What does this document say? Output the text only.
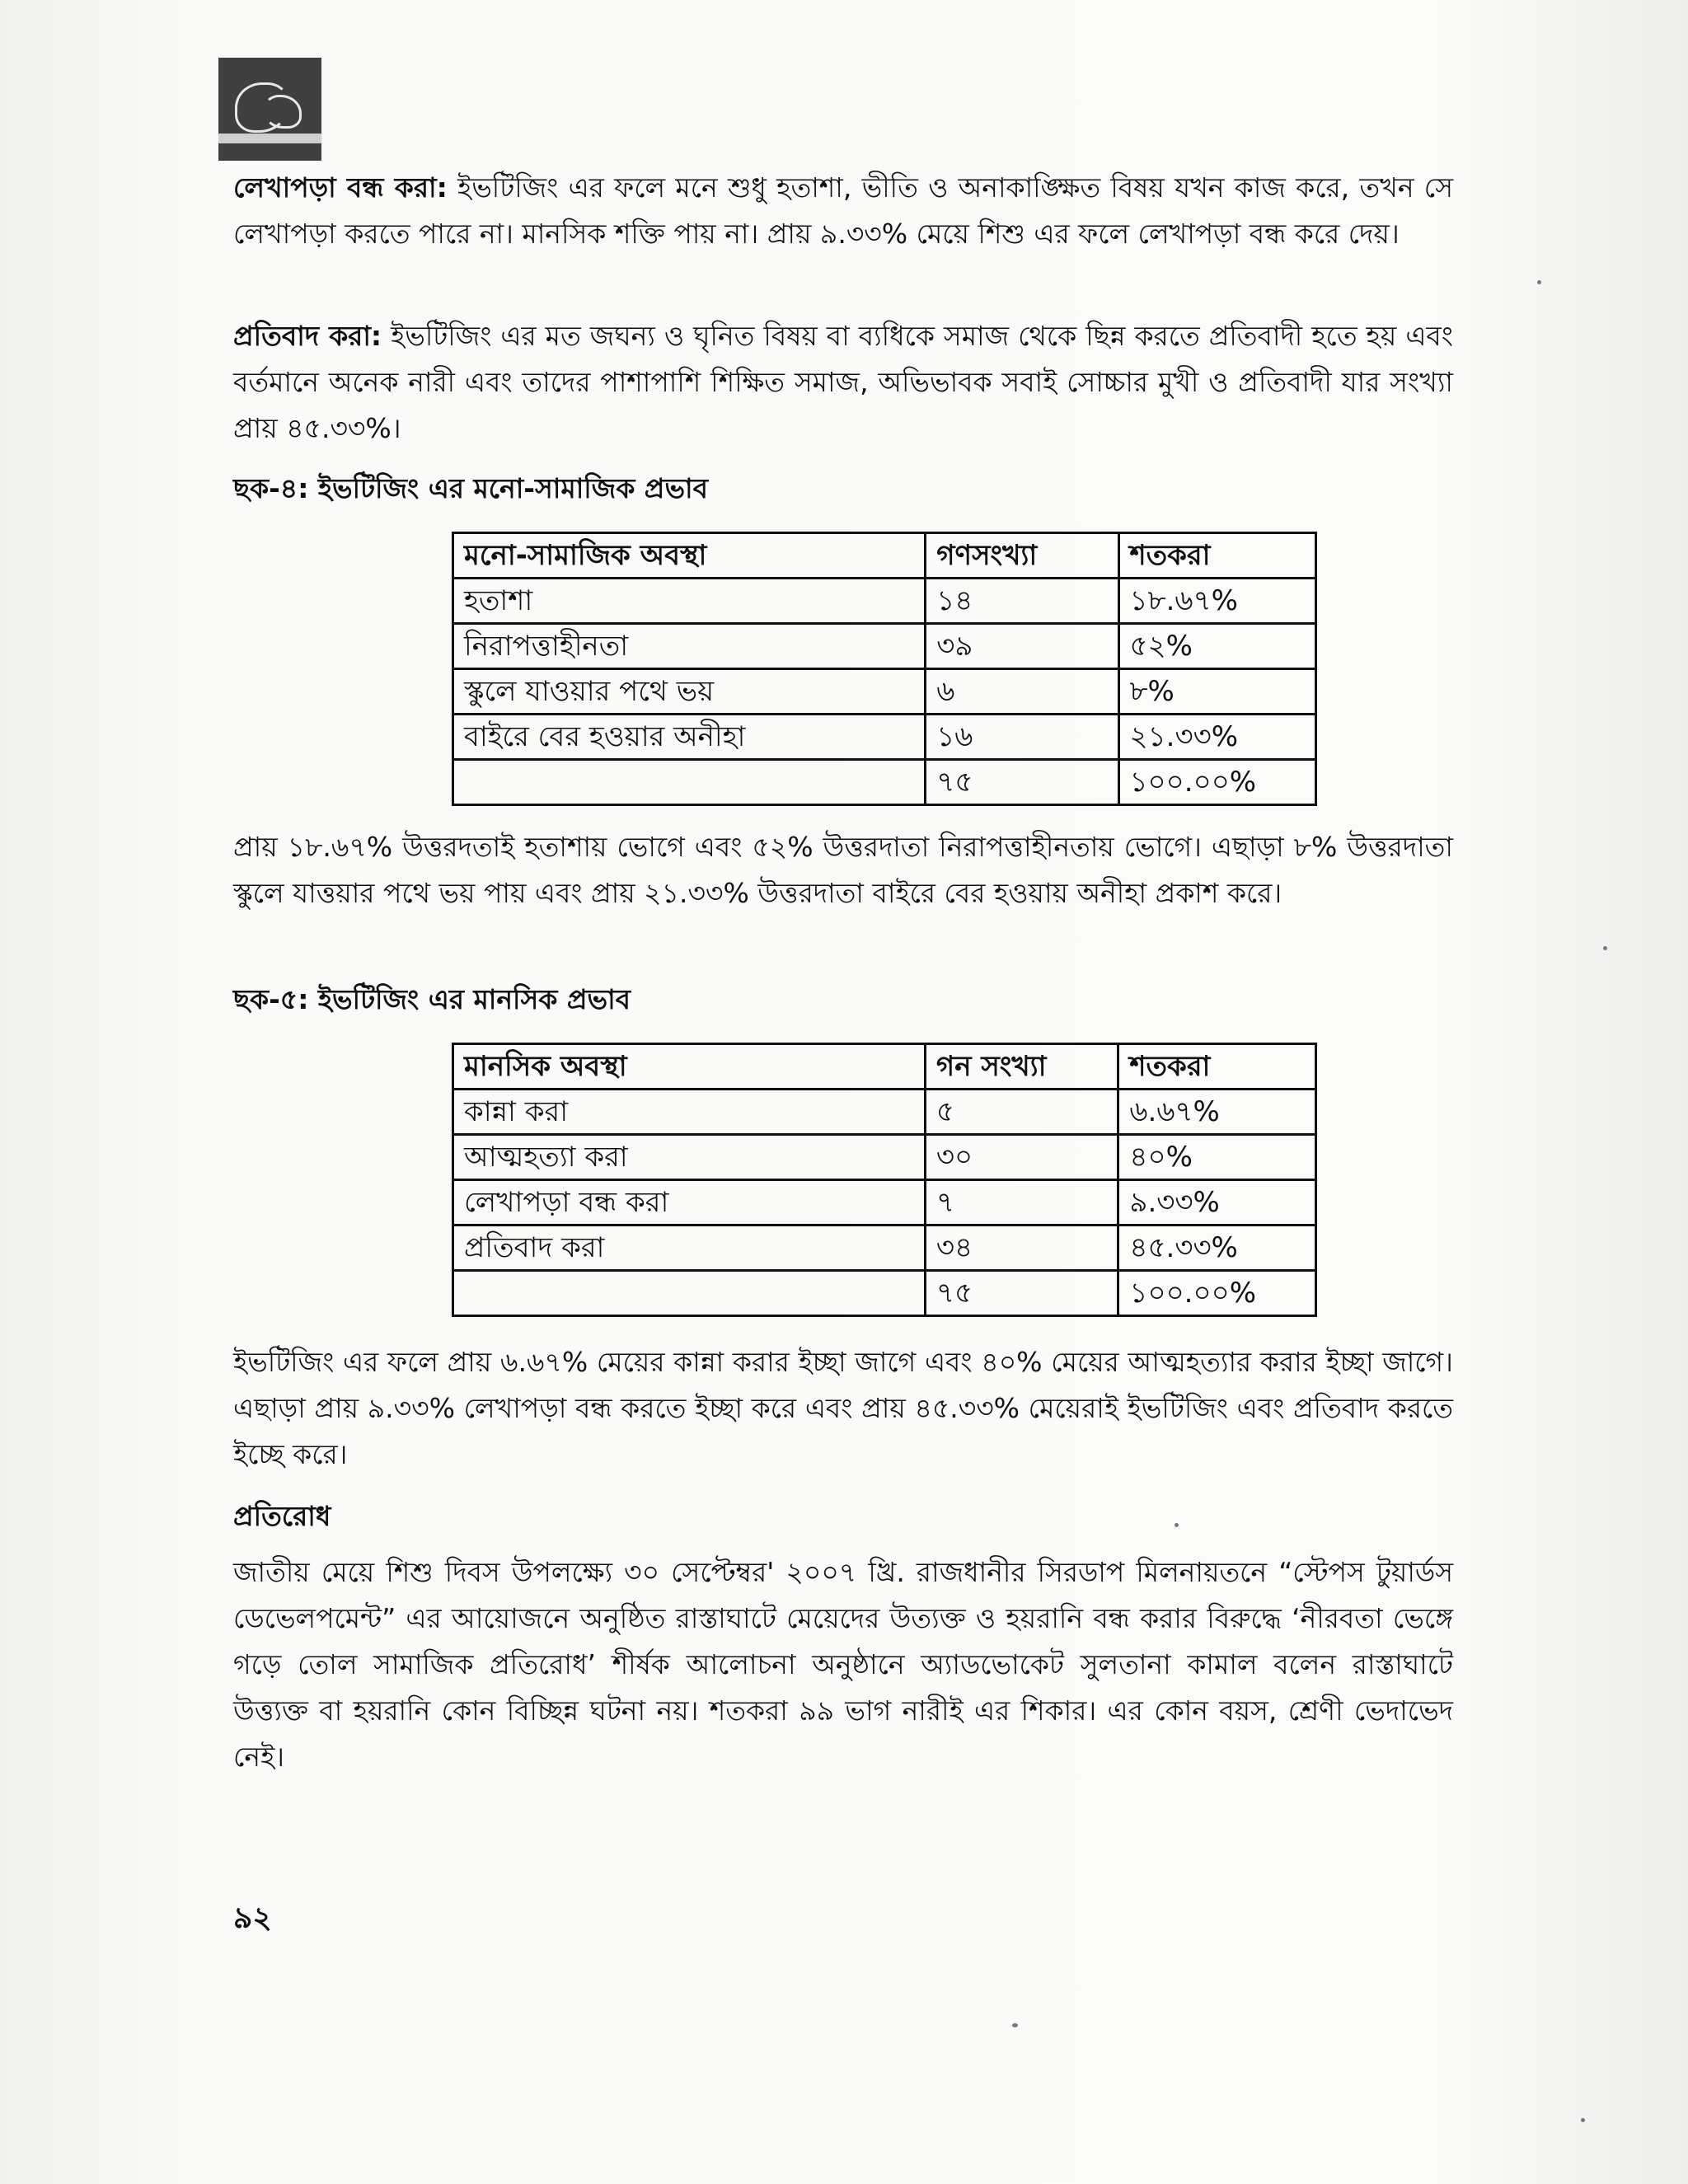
লেখাপড়া বন্ধ করা: ইভটিজিং এর ফলে মনে শুধু হতাশা, ভীতি ও অনাকাঙ্ক্ষিত বিষয় যখন কাজ করে, তখন সে লেখাপড়া করতে পারে না। মানসিক শক্তি পায় না। প্রায় ৯.৩৩% মেয়ে শিশু এর ফলে লেখাপড়া বন্ধ করে দেয়।
প্রতিবাদ করা: ইভটিজিং এর মত জঘন্য ও ঘৃনিত বিষয় বা ব্যধিকে সমাজ থেকে ছিন্ন করতে প্রতিবাদী হতে হয় এবং বর্তমানে অনেক নারী এবং তাদের পাশাপাশি শিক্ষিত সমাজ, অভিভাবক সবাই সোচ্চার মুখী ও প্রতিবাদী যার সংখ্যা প্রায় ৪৫.৩৩%।
ছক-৪: ইভটিজিং এর মনো-সামাজিক প্রভাব
মনো-সামাজিক অবস্থা	গণসংখ্যা	শতকরা
হতাশা	১৪	১৮.৬৭%
নিরাপত্তাহীনতা	৩৯	৫২%
স্কুলে যাওয়ার পথে ভয়	৬	৮%
বাইরে বের হওয়ার অনীহা	১৬	২১.৩৩%
	৭৫	১০০.০০%
প্রায় ১৮.৬৭% উত্তরদতাই হতাশায় ভোগে এবং ৫২% উত্তরদাতা নিরাপত্তাহীনতায় ভোগে। এছাড়া ৮% উত্তরদাতা স্কুলে যাত্তয়ার পথে ভয় পায় এবং প্রায় ২১.৩৩% উত্তরদাতা বাইরে বের হওয়ায় অনীহা প্রকাশ করে।
ছক-৫: ইভটিজিং এর মানসিক প্রভাব
মানসিক অবস্থা	গন সংখ্যা	শতকরা
কান্না করা	৫	৬.৬৭%
আত্মহত্যা করা	৩০	৪০%
লেখাপড়া বন্ধ করা	৭	৯.৩৩%
প্রতিবাদ করা	৩৪	৪৫.৩৩%
	৭৫	১০০.০০%
ইভটিজিং এর ফলে প্রায় ৬.৬৭% মেয়ের কান্না করার ইচ্ছা জাগে এবং ৪০% মেয়ের আত্মহত্যার করার ইচ্ছা জাগে। এছাড়া প্রায় ৯.৩৩% লেখাপড়া বন্ধ করতে ইচ্ছা করে এবং প্রায় ৪৫.৩৩% মেয়েরাই ইভটিজিং এবং প্রতিবাদ করতে ইচ্ছে করে।
প্রতিরোধ
জাতীয় মেয়ে শিশু দিবস উপলক্ষ্যে ৩০ সেপ্টেম্বর' ২০০৭ খ্রি. রাজধানীর সিরডাপ মিলনায়তনে “স্টেপস টুয়ার্ডস ডেভেলপমেন্ট” এর আয়োজনে অনুষ্ঠিত রাস্তাঘাটে মেয়েদের উত্যক্ত ও হয়রানি বন্ধ করার বিরুদ্ধে ‘নীরবতা ভেঙ্গে গড়ে তোল সামাজিক প্রতিরোধ’ শীর্ষক আলোচনা অনুষ্ঠানে অ্যাডভোকেট সুলতানা কামাল বলেন রাস্তাঘাটে উত্ত্যক্ত বা হয়রানি কোন বিচ্ছিন্ন ঘটনা নয়। শতকরা ৯৯ ভাগ নারীই এর শিকার। এর কোন বয়স, শ্রেণী ভেদাভেদ নেই।
৯২
